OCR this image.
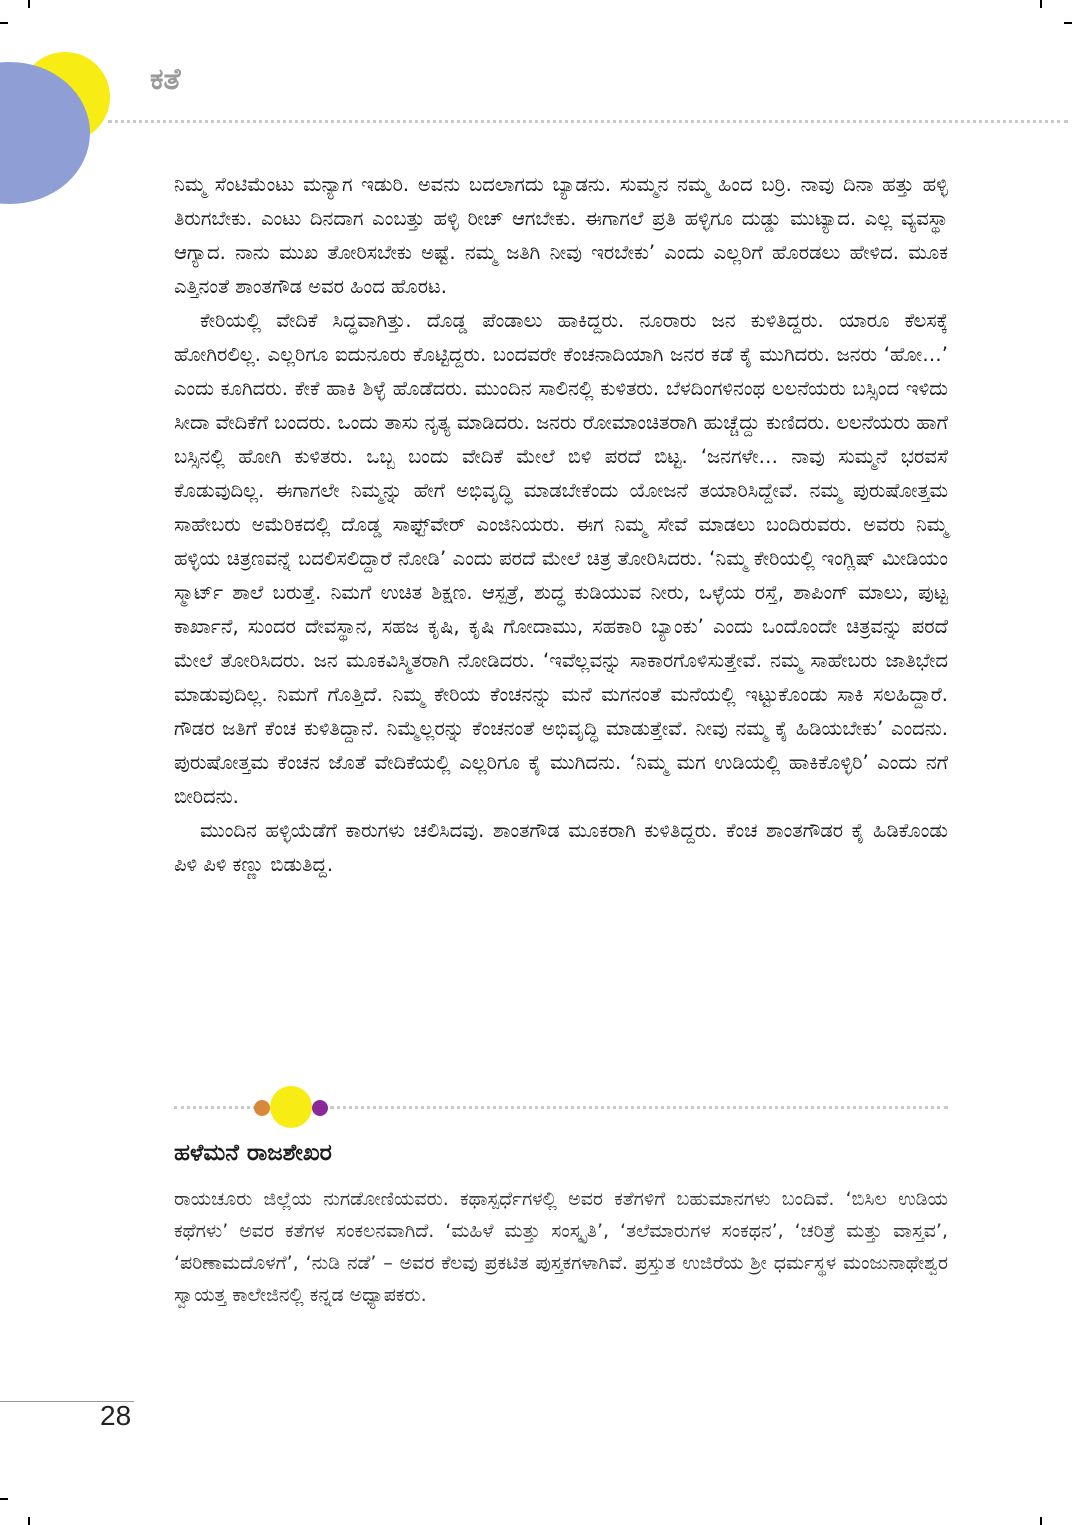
ಕತೆ

ನಿಮ್ಮ ಸೆಂಟಿಮೆಂಟು ಮನ್ಯಾಗ ಇಡುರಿ. ಅವನು ಬದಲಾಗದು ಬ್ಯಾಡನು. ಸುಮ್ಮನ ನಮ್ಮ ಹಿಂದ ಬರ್ರಿ. ನಾವು ದಿನಾ ಹತ್ತು ಹಳ್ಳಿ ತಿರುಗಬೇಕು. ಎಂಟು ದಿನದಾಗ ಎಂಬತ್ತು ಹಳ್ಳಿ ರೀಚ್ ಆಗಬೇಕು. ಈಗಾಗಲೆ ಪ್ರತಿ ಹಳ್ಳಿಗೂ ದುಡ್ಡು ಮುಟ್ಯಾದ. ಎಲ್ಲ ವ್ಯವಸ್ಥಾ ಆಗ್ಯಾದ. ನಾನು ಮುಖ ತೋರಿಸಬೇಕು ಅಷ್ಟೆ. ನಮ್ಮ ಜತಿಗಿ ನೀವು ಇರಬೇಕು’ ಎಂದು ಎಲ್ಲರಿಗೆ ಹೊರಡಲು ಹೇಳಿದ. ಮೂಕ ಎತ್ತಿನಂತೆ ಶಾಂತಗೌಡ ಅವರ ಹಿಂದ ಹೊರಟ.

ಕೇರಿಯಲ್ಲಿ ವೇದಿಕೆ ಸಿದ್ಧವಾಗಿತ್ತು. ದೊಡ್ಡ ಪೆಂಡಾಲು ಹಾಕಿದ್ದರು. ನೂರಾರು ಜನ ಕುಳಿತಿದ್ದರು. ಯಾರೂ ಕೆಲಸಕ್ಕೆ ಹೋಗಿರಲಿಲ್ಲ. ಎಲ್ಲರಿಗೂ ಐದುನೂರು ಕೊಟ್ಟಿದ್ದರು. ಬಂದವರೇ ಕೆಂಚನಾದಿಯಾಗಿ ಜನರ ಕಡೆ ಕೈ ಮುಗಿದರು. ಜನರು ‘ಹೋ…’ ಎಂದು ಕೂಗಿದರು. ಕೇಕೆ ಹಾಕಿ ಶಿಳ್ಳೆ ಹೊಡೆದರು. ಮುಂದಿನ ಸಾಲಿನಲ್ಲಿ ಕುಳಿತರು. ಬೆಳದಿಂಗಳಿನಂಥ ಲಲನೆಯರು ಬಸ್ಸಿಂದ ಇಳಿದು ಸೀದಾ ವೇದಿಕೆಗೆ ಬಂದರು. ಒಂದು ತಾಸು ನೃತ್ಯ ಮಾಡಿದರು. ಜನರು ರೋಮಾಂಚಿತರಾಗಿ ಹುಚ್ಚೆದ್ದು ಕುಣಿದರು. ಲಲನೆಯರು ಹಾಗೆ ಬಸ್ಸಿನಲ್ಲಿ ಹೋಗಿ ಕುಳಿತರು. ಒಬ್ಬ ಬಂದು ವೇದಿಕೆ ಮೇಲೆ ಬಿಳಿ ಪರದೆ ಬಿಟ್ಟ. ‘ಜನಗಳೇ… ನಾವು ಸುಮ್ಮನೆ ಭರವಸೆ ಕೊಡುವುದಿಲ್ಲ. ಈಗಾಗಲೇ ನಿಮ್ಮನ್ನು ಹೇಗೆ ಅಭಿವೃದ್ಧಿ ಮಾಡಬೇಕೆಂದು ಯೋಜನೆ ತಯಾರಿಸಿದ್ದೇವೆ. ನಮ್ಮ ಪುರುಷೋತ್ತಮ ಸಾಹೇಬರು ಅಮೆರಿಕದಲ್ಲಿ ದೊಡ್ಡ ಸಾಫ್ಟ್‌ವೇರ್ ಎಂಜಿನಿಯರು. ಈಗ ನಿಮ್ಮ ಸೇವೆ ಮಾಡಲು ಬಂದಿರುವರು. ಅವರು ನಿಮ್ಮ ಹಳ್ಳಿಯ ಚಿತ್ರಣವನ್ನೆ ಬದಲಿಸಲಿದ್ದಾರೆ ನೋಡಿ’ ಎಂದು ಪರದೆ ಮೇಲೆ ಚಿತ್ರ ತೋರಿಸಿದರು. ‘ನಿಮ್ಮ ಕೇರಿಯಲ್ಲಿ ಇಂಗ್ಲಿಷ್ ಮೀಡಿಯಂ ಸ್ಮಾರ್ಟ್ ಶಾಲೆ ಬರುತ್ತೆ. ನಿಮಗೆ ಉಚಿತ ಶಿಕ್ಷಣ. ಆಸ್ಪತ್ರೆ, ಶುದ್ಧ ಕುಡಿಯುವ ನೀರು, ಒಳ್ಳೆಯ ರಸ್ತೆ, ಶಾಪಿಂಗ್ ಮಾಲು, ಪುಟ್ಟ ಕಾರ್ಖಾನೆ, ಸುಂದರ ದೇವಸ್ಥಾನ, ಸಹಜ ಕೃಷಿ, ಕೃಷಿ ಗೋದಾಮು, ಸಹಕಾರಿ ಬ್ಯಾಂಕು’ ಎಂದು ಒಂದೊಂದೇ ಚಿತ್ರವನ್ನು ಪರದೆ ಮೇಲೆ ತೋರಿಸಿದರು. ಜನ ಮೂಕವಿಸ್ಮಿತರಾಗಿ ನೋಡಿದರು. ‘ಇವೆಲ್ಲವನ್ನು ಸಾಕಾರಗೊಳಿಸುತ್ತೇವೆ. ನಮ್ಮ ಸಾಹೇಬರು ಜಾತಿಭೇದ ಮಾಡುವುದಿಲ್ಲ. ನಿಮಗೆ ಗೊತ್ತಿದೆ. ನಿಮ್ಮ ಕೇರಿಯ ಕೆಂಚನನ್ನು ಮನೆ ಮಗನಂತೆ ಮನೆಯಲ್ಲಿ ಇಟ್ಟುಕೊಂಡು ಸಾಕಿ ಸಲಹಿದ್ದಾರೆ. ಗೌಡರ ಜತಿಗೆ ಕೆಂಚ ಕುಳಿತಿದ್ದಾನೆ. ನಿಮ್ಮೆಲ್ಲರನ್ನು ಕೆಂಚನಂತೆ ಅಭಿವೃದ್ಧಿ ಮಾಡುತ್ತೇವೆ. ನೀವು ನಮ್ಮ ಕೈ ಹಿಡಿಯಬೇಕು’ ಎಂದನು. ಪುರುಷೋತ್ತಮ ಕೆಂಚನ ಜೊತೆ ವೇದಿಕೆಯಲ್ಲಿ ಎಲ್ಲರಿಗೂ ಕೈ ಮುಗಿದನು. ‘ನಿಮ್ಮ ಮಗ ಉಡಿಯಲ್ಲಿ ಹಾಕಿಕೊಳ್ಳಿರಿ’ ಎಂದು ನಗೆ ಬೀರಿದನು.

ಮುಂದಿನ ಹಳ್ಳಿಯೆಡೆಗೆ ಕಾರುಗಳು ಚಲಿಸಿದವು. ಶಾಂತಗೌಡ ಮೂಕರಾಗಿ ಕುಳಿತಿದ್ದರು. ಕೆಂಚ ಶಾಂತಗೌಡರ ಕೈ ಹಿಡಿಕೊಂಡು ಪಿಳಿ ಪಿಳಿ ಕಣ್ಣು ಬಿಡುತಿದ್ದ.

ಹಳೆಮನೆ ರಾಜಶೇಖರ

ರಾಯಚೂರು ಜಿಲ್ಲೆಯ ನುಗಡೋಣಿಯವರು. ಕಥಾಸ್ಪರ್ಧೆಗಳಲ್ಲಿ ಅವರ ಕತೆಗಳಿಗೆ ಬಹುಮಾನಗಳು ಬಂದಿವೆ. ‘ಬಿಸಿಲ ಉಡಿಯ ಕಥೆಗಳು’ ಅವರ ಕತೆಗಳ ಸಂಕಲನವಾಗಿದೆ. ‘ಮಹಿಳೆ ಮತ್ತು ಸಂಸ್ಕೃತಿ’, ‘ತಲೆಮಾರುಗಳ ಸಂಕಥನ’, ‘ಚರಿತ್ರೆ ಮತ್ತು ವಾಸ್ತವ’, ‘ಪರಿಣಾಮದೊಳಗೆ’, ‘ನುಡಿ ನಡೆ’ – ಅವರ ಕೆಲವು ಪ್ರಕಟಿತ ಪುಸ್ತಕಗಳಾಗಿವೆ. ಪ್ರಸ್ತುತ ಉಜಿರೆಯ ಶ್ರೀ ಧರ್ಮಸ್ಥಳ ಮಂಜುನಾಥೇಶ್ವರ ಸ್ವಾಯತ್ತ ಕಾಲೇಜಿನಲ್ಲಿ ಕನ್ನಡ ಅಧ್ಯಾಪಕರು.

28
